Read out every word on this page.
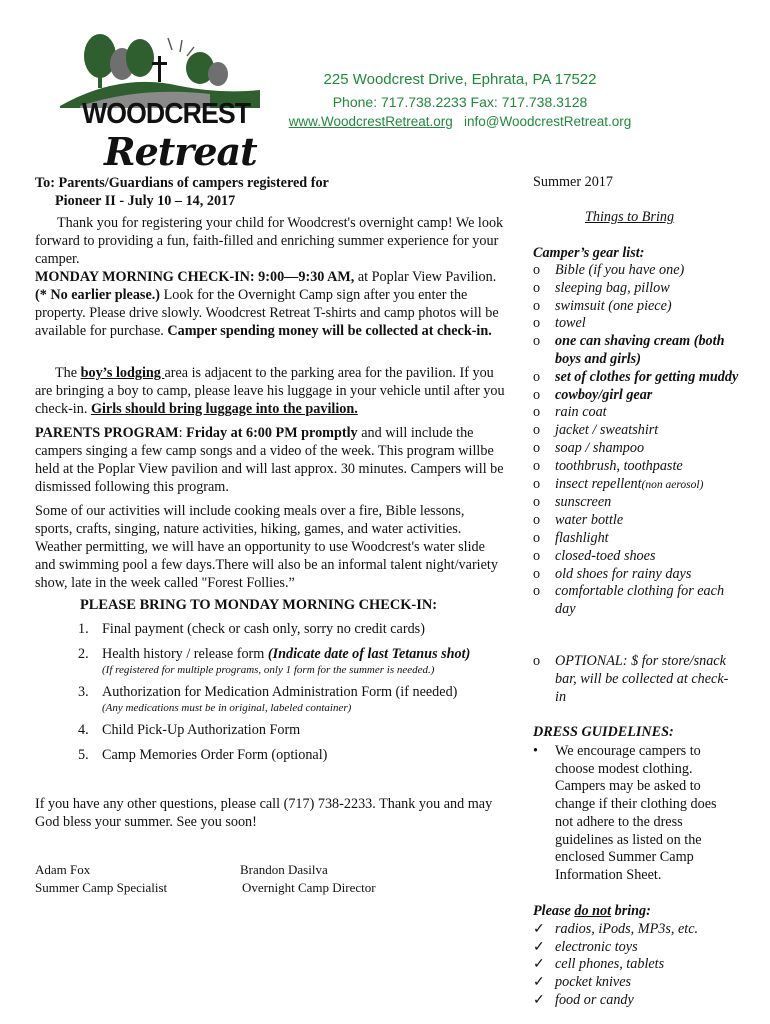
WOODCREST
Retreat
225 Woodcrest Drive, Ephrata, PA 17522
Phone: 717.738.2233 Fax: 717.738.3128
www.WoodcrestRetreat.org info@WoodcrestRetreat.org

To: Parents/Guardians of campers registered for

Pioneer II - July 10 – 14, 2017

Thank you for registering your child for Woodcrest's overnight camp! We look forward to providing a fun, faith-filled and enriching summer experience for your camper.

MONDAY MORNING CHECK-IN: 9:00—9:30 AM, at Poplar View Pavilion. (* No earlier please.) Look for the Overnight Camp sign after you enter the property. Please drive slowly. Woodcrest Retreat T-shirts and camp photos will be available for purchase. Camper spending money will be collected at check-in.

The boy’s lodging area is adjacent to the parking area for the pavilion. If you are bringing a boy to camp, please leave his luggage in your vehicle until after you check-in. Girls should bring luggage into the pavilion.

PARENTS PROGRAM: Friday at 6:00 PM promptly and will include the campers singing a few camp songs and a video of the week. This program willbe held at the Poplar View pavilion and will last approx. 30 minutes. Campers will be dismissed following this program.

Some of our activities will include cooking meals over a fire, Bible lessons, sports, crafts, singing, nature activities, hiking, games, and water activities. Weather permitting, we will have an opportunity to use Woodcrest's water slide and swimming pool a few days.There will also be an informal talent night/variety show, late in the week called "Forest Follies.”

PLEASE BRING TO MONDAY MORNING CHECK-IN:
1. Final payment (check or cash only, sorry no credit cards)
2. Health history / release form (Indicate date of last Tetanus shot)
(If registered for multiple programs, only 1 form for the summer is needed.)
3. Authorization for Medication Administration Form (if needed)
(Any medications must be in original, labeled container)
4. Child Pick-Up Authorization Form
5. Camp Memories Order Form (optional)

If you have any other questions, please call (717) 738-2233. Thank you and may God bless your summer. See you soon!

Adam Fox
Summer Camp Specialist
Brandon Dasilva
Overnight Camp Director
Summer 2017
Things to Bring
Camper’s gear list:
o Bible (if you have one)
o sleeping bag, pillow
o swimsuit (one piece)
o towel
o one can shaving cream (both boys and girls)
o set of clothes for getting muddy
o cowboy/girl gear
o rain coat
o jacket / sweatshirt
o soap / shampoo
o toothbrush, toothpaste
o insect repellent(non aerosol)
o sunscreen
o water bottle
o flashlight
o closed-toed shoes
o old shoes for rainy days
o comfortable clothing for each day
o OPTIONAL: $ for store/snack bar, will be collected at check-in
DRESS GUIDELINES:
• We encourage campers to choose modest clothing. Campers may be asked to change if their clothing does not adhere to the dress guidelines as listed on the enclosed Summer Camp Information Sheet.
Please do not bring:
✓ radios, iPods, MP3s, etc.
✓ electronic toys
✓ cell phones, tablets
✓ pocket knives
✓ food or candy
